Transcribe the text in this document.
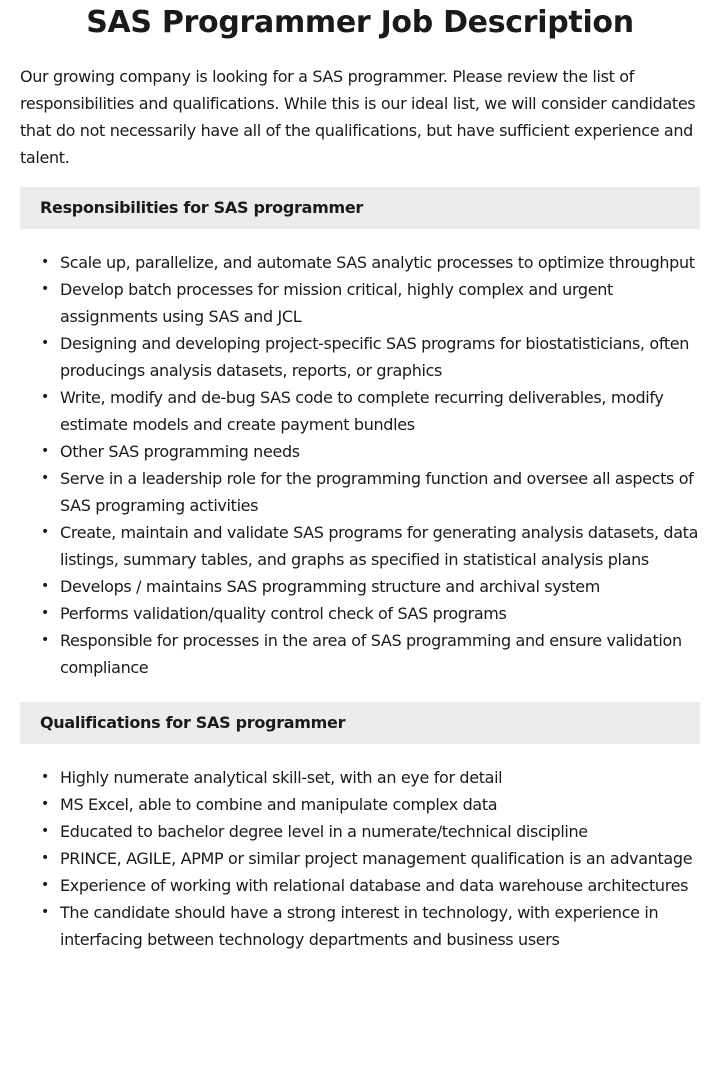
SAS Programmer Job Description

Our growing company is looking for a SAS programmer. Please review the list of responsibilities and qualifications. While this is our ideal list, we will consider candidates that do not necessarily have all of the qualifications, but have sufficient experience and talent.

Responsibilities for SAS programmer
• Scale up, parallelize, and automate SAS analytic processes to optimize throughput
• Develop batch processes for mission critical, highly complex and urgent assignments using SAS and JCL
• Designing and developing project-specific SAS programs for biostatisticians, often producings analysis datasets, reports, or graphics
• Write, modify and de-bug SAS code to complete recurring deliverables, modify estimate models and create payment bundles
• Other SAS programming needs
• Serve in a leadership role for the programming function and oversee all aspects of SAS programing activities
• Create, maintain and validate SAS programs for generating analysis datasets, data listings, summary tables, and graphs as specified in statistical analysis plans
• Develops / maintains SAS programming structure and archival system
• Performs validation/quality control check of SAS programs
• Responsible for processes in the area of SAS programming and ensure validation compliance
Qualifications for SAS programmer
• Highly numerate analytical skill-set, with an eye for detail
• MS Excel, able to combine and manipulate complex data
• Educated to bachelor degree level in a numerate/technical discipline
• PRINCE, AGILE, APMP or similar project management qualification is an advantage
• Experience of working with relational database and data warehouse architectures
• The candidate should have a strong interest in technology, with experience in interfacing between technology departments and business users
